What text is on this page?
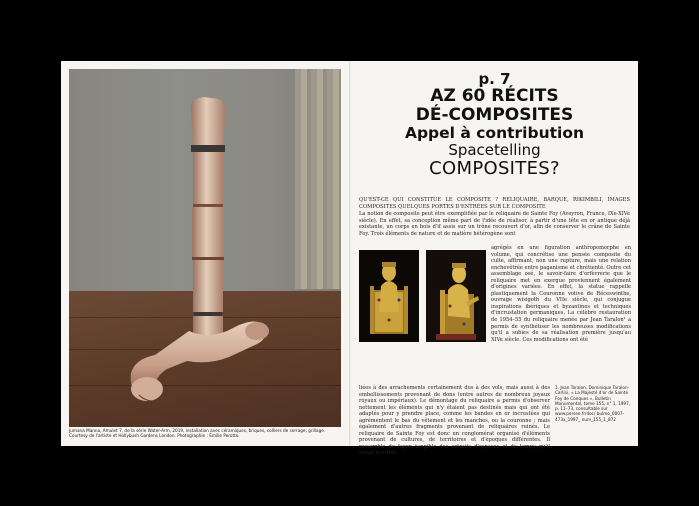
Jumana Manna, Amulet 7, de la série Water-Arm, 2019, installation avec céramiques, briques, colliers de serrage, grillage.
Courtesy de l'artiste et Hollybush Gardens London. Photographie : Émilie Perotto.

p. 7

AZ 60 RÉCITS

DÉ-COMPOSITES

Appel à contribution

Spacetelling

COMPOSITES?

QU'EST-CE QUI CONSTITUE LE COMPOSITE ? RELIQUAIRE, BARQUE, RIKIMBILI, IMAGES COMPOSITES QUELQUES PORTES D'ENTRÉES SUR LE COMPOSITE
La notion de composite peut être exemplifiée par le reliquaire de Sainte Foy (Aveyron, France, IXe-XIVe siècle). En effet, sa conception même part de l'idée de réaliser, à partir d'une tête en or antique déjà existante, un corps en bois d'if assis sur un trône recouvert d'or, afin de conserver le crâne de Sainte Foy. Trois éléments de nature et de matière hétérogène sont
agrégés en une figuration anthropomorphe en volume, qui concrétise une pensée composite du culte, affirmant, non une rupture, mais une relation enchevêtrée entre paganisme et chrétienté. Outre cet assemblage osé, le savoir-faire d'orfèvrerie que le reliquaire met en exergue proviennent également d'origines variées. En effet, la statue rappelle plastiquement la Couronne votive de Réceswinthe, ouvrage wisigoth du VIIe siècle, qui conjugue inspirations ibériques et byzantines et techniques d'incrustation germaniques. La célèbre restauration de 1954–55 du reliquaire menée par Jean Taralon¹ a permis de synthétiser les nombreuses modifications qu'il a subies de sa réalisation première jusqu'au XIVe siècle. Ces modifications ont été
liées à des arrachements certainement dus à des vols, mais aussi à des embellissements provenant de dons (entre autres de nombreux joyaux royaux ou impériaux). Le démontage du reliquaire a permis d'observer nettement les éléments qui n'y étaient pas destinés mais qui ont été adaptés pour y prendre place, comme les bandes en or incrustées qui agrémentent le bas du vêtement et les manches, ou la couronne ; mais également d'autres fragments provenant de reliquaires ruinés. Le reliquaire de Sainte Foy est donc un conglomérat organisé d'éléments provenant de cultures, de territoires et d'époques différentes. Il rassemble de façon tangible des extraits d'espaces et de temps qu'il serait possible
1. Jean Taralon, Dominique Taralon-Carlini, « La Majesté d'or de Sainte Foy de Conques », Bulletin Monumental, tome 155, n° 1, 1997, p. 11–73, consultable sur www.persee.fr/doc/ bulmo_0007-473x_1997_ num_155_1_872
